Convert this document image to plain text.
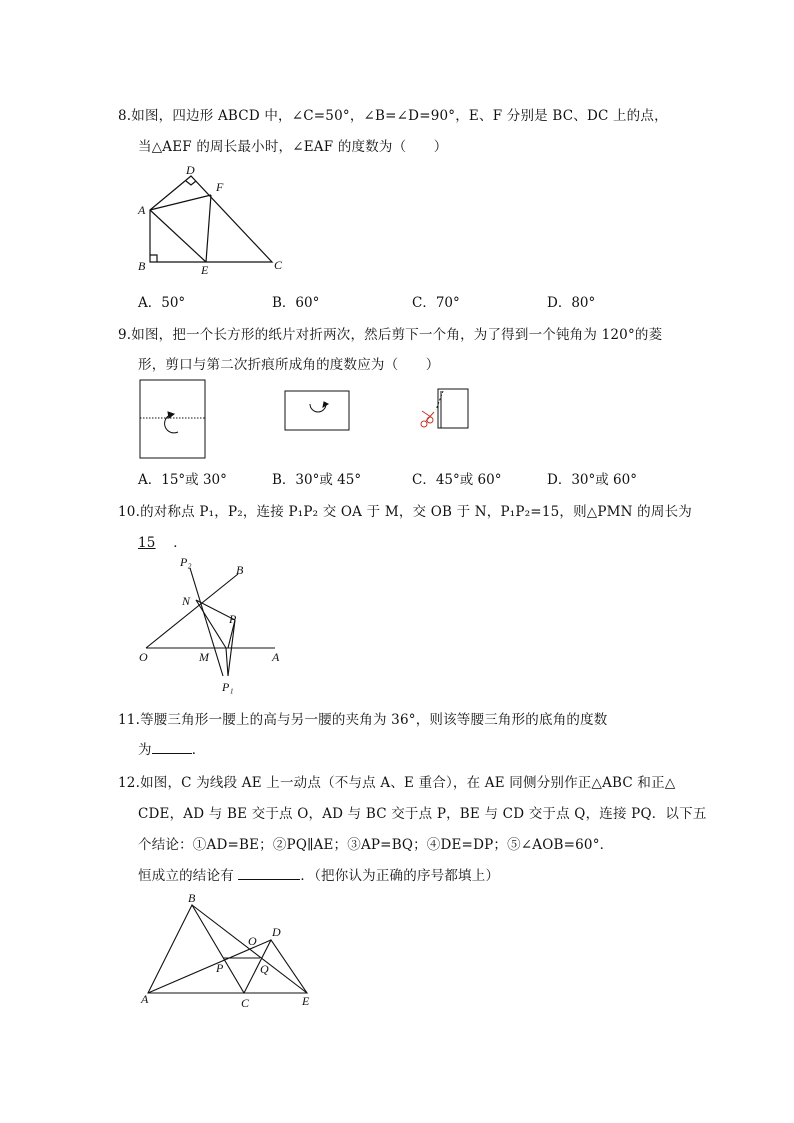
8.如图，四边形 ABCD 中，∠C=50°，∠B=∠D=90°，E、F 分别是 BC、DC 上的点，
当△AEF 的周长最小时，∠EAF 的度数为（　　）
D
F
A
B	E	C
A．50°	B．60°	C．70°	D．80°
9.如图，把一个长方形的纸片对折两次，然后剪下一个角，为了得到一个钝角为 120°的菱
形，剪口与第二次折痕所成角的度数应为（　　）
A．15°或 30°	B．30°或 45°	C．45°或 60°	D．30°或 60°
10.的对称点 P₁，P₂，连接 P₁P₂ 交 OA 于 M，交 OB 于 N，P₁P₂=15，则△PMN 的周长为
15   ．
P₂
B
N
P
O	M	A
P₁
11.等腰三角形一腰上的高与另一腰的夹角为 36°，则该等腰三角形的底角的度数
为	．
12.如图，C 为线段 AE 上一动点（不与点 A、E 重合），在 AE 同侧分别作正△ABC 和正△
CDE，AD 与 BE 交于点 O，AD 与 BC 交于点 P，BE 与 CD 交于点 Q，连接 PQ．以下五
个结论：①AD=BE；②PQ∥AE；③AP=BQ；④DE=DP；⑤∠AOB=60°．
恒成立的结论有	．（把你认为正确的序号都填上）
B
D
O
P	Q
A	C	E
